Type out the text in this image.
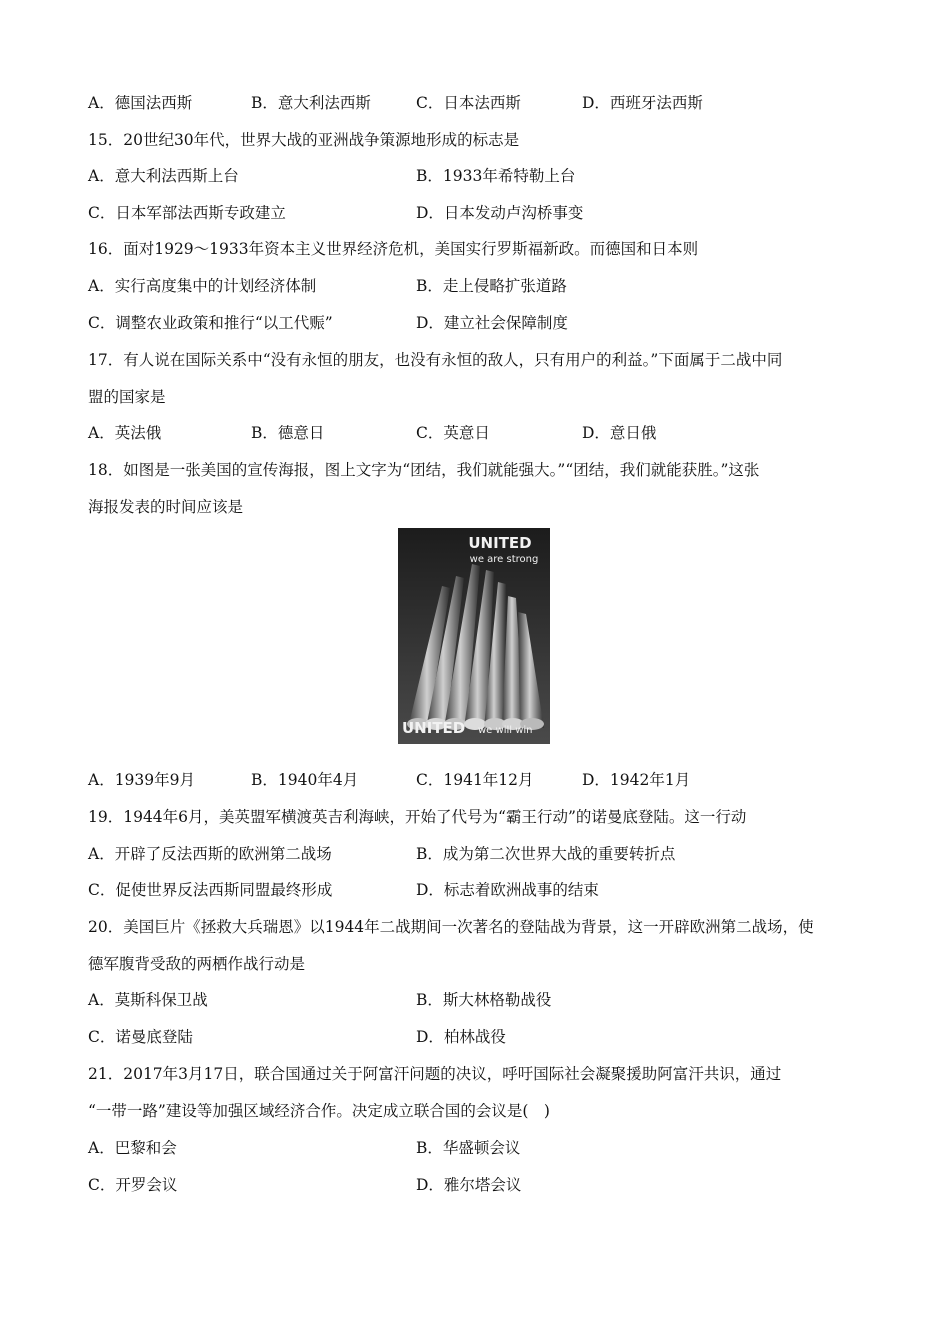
A．德国法西斯	B．意大利法西斯	C．日本法西斯	D．西班牙法西斯
15．20世纪30年代，世界大战的亚洲战争策源地形成的标志是
A．意大利法西斯上台	B．1933年希特勒上台
C．日本军部法西斯专政建立	D．日本发动卢沟桥事变
16．面对1929～1933年资本主义世界经济危机，美国实行罗斯福新政。而德国和日本则
A．实行高度集中的计划经济体制	B．走上侵略扩张道路
C．调整农业政策和推行“以工代赈”	D．建立社会保障制度
17．有人说在国际关系中“没有永恒的朋友，也没有永恒的敌人，只有用户的利益。”下面属于二战中同
盟的国家是
A．英法俄	B．德意日	C．英意日	D．意日俄
18．如图是一张美国的宣传海报，图上文字为“团结，我们就能强大。”“团结，我们就能获胜。”这张
海报发表的时间应该是
UNITED
we are strong
UNITED we will win
A．1939年9月	B．1940年4月	C．1941年12月	D．1942年1月
19．1944年6月，美英盟军横渡英吉利海峡，开始了代号为“霸王行动”的诺曼底登陆。这一行动
A．开辟了反法西斯的欧洲第二战场	B．成为第二次世界大战的重要转折点
C．促使世界反法西斯同盟最终形成	D．标志着欧洲战事的结束
20．美国巨片《拯救大兵瑞恩》以1944年二战期间一次著名的登陆战为背景，这一开辟欧洲第二战场，使
德军腹背受敌的两栖作战行动是
A．莫斯科保卫战	B．斯大林格勒战役
C．诺曼底登陆	D．柏林战役
21．2017年3月17日，联合国通过关于阿富汗问题的决议，呼吁国际社会凝聚援助阿富汗共识，通过
“一带一路”建设等加强区域经济合作。决定成立联合国的会议是(　)
A．巴黎和会	B．华盛顿会议
C．开罗会议	D．雅尔塔会议
